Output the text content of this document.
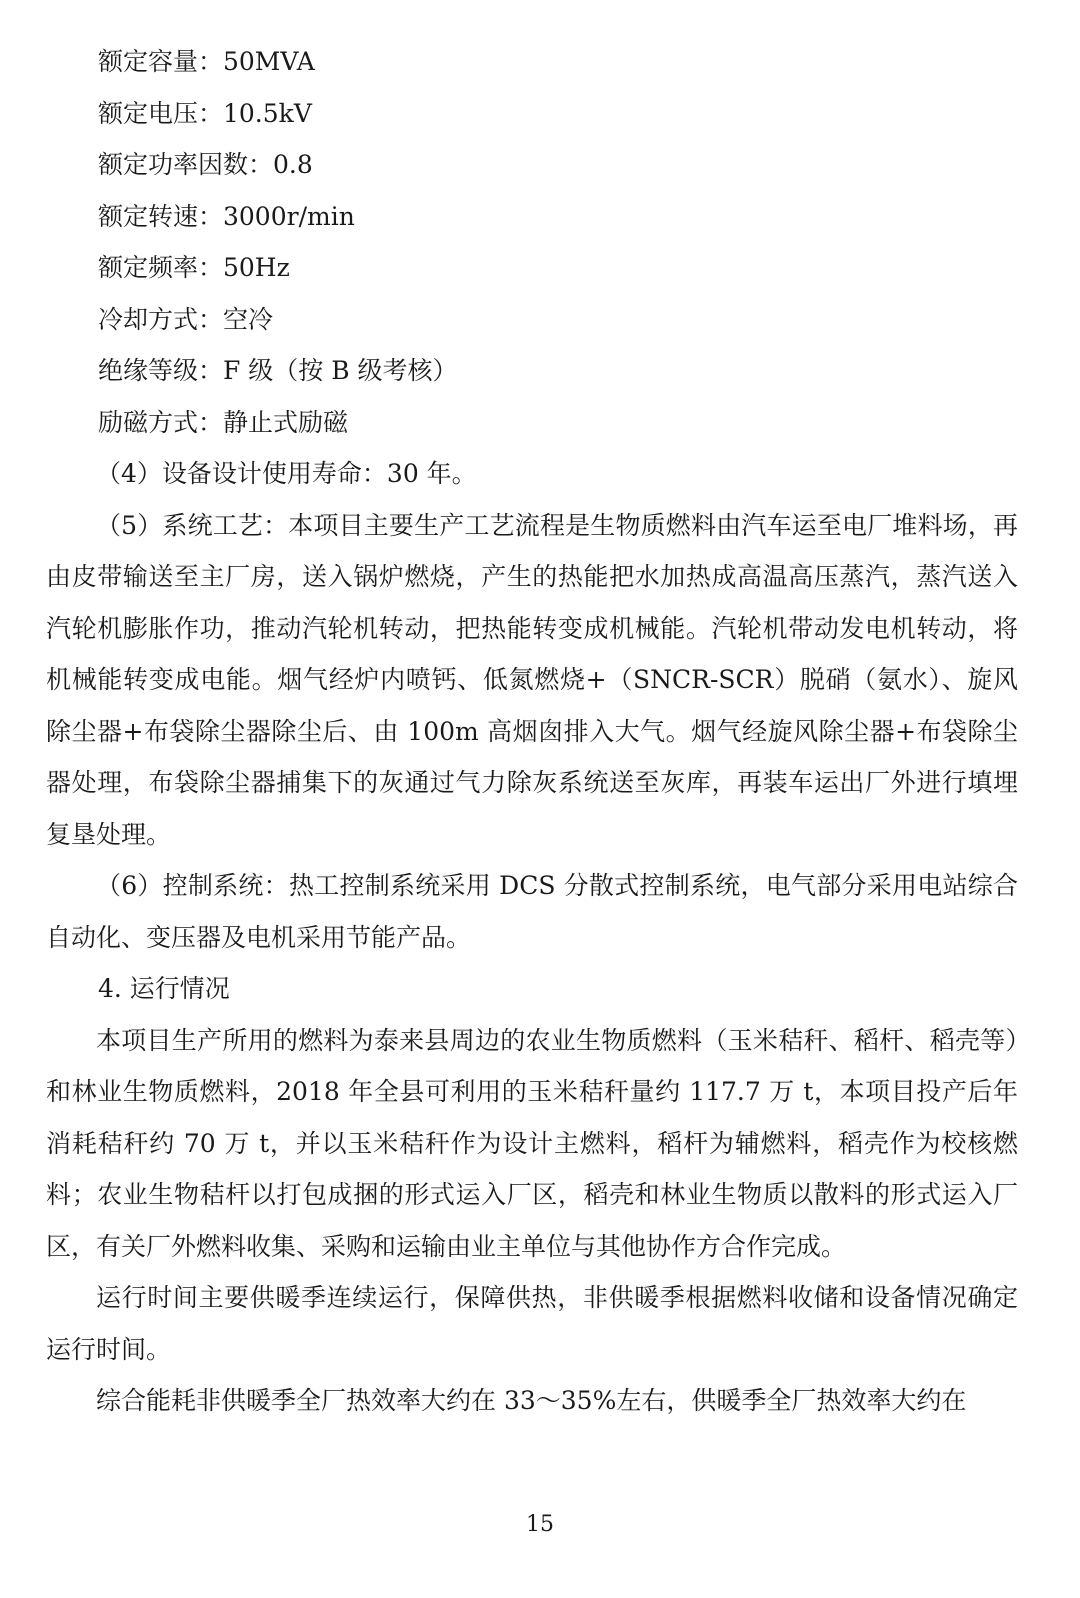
额定容量：50MVA
额定电压：10.5kV
额定功率因数：0.8
额定转速：3000r/min
额定频率：50Hz
冷却方式：空冷
绝缘等级：F 级（按 B 级考核）
励磁方式：静止式励磁

（4）设备设计使用寿命：30 年。

（5）系统工艺：本项目主要生产工艺流程是生物质燃料由汽车运至电厂堆料场，再由皮带输送至主厂房，送入锅炉燃烧，产生的热能把水加热成高温高压蒸汽，蒸汽送入汽轮机膨胀作功，推动汽轮机转动，把热能转变成机械能。汽轮机带动发电机转动，将机械能转变成电能。烟气经炉内喷钙、低氮燃烧+（SNCR-SCR）脱硝（氨水）、旋风除尘器+布袋除尘器除尘后、由 100m 高烟囱排入大气。烟气经旋风除尘器+布袋除尘器处理，布袋除尘器捕集下的灰通过气力除灰系统送至灰库，再装车运出厂外进行填埋复垦处理。

（6）控制系统：热工控制系统采用 DCS 分散式控制系统，电气部分采用电站综合自动化、变压器及电机采用节能产品。

4. 运行情况

本项目生产所用的燃料为泰来县周边的农业生物质燃料（玉米秸秆、稻杆、稻壳等）和林业生物质燃料，2018 年全县可利用的玉米秸秆量约 117.7 万 t，本项目投产后年消耗秸秆约 70 万 t，并以玉米秸秆作为设计主燃料，稻杆为辅燃料，稻壳作为校核燃料；农业生物秸杆以打包成捆的形式运入厂区，稻壳和林业生物质以散料的形式运入厂区，有关厂外燃料收集、采购和运输由业主单位与其他协作方合作完成。

运行时间主要供暖季连续运行，保障供热，非供暖季根据燃料收储和设备情况确定运行时间。

综合能耗非供暖季全厂热效率大约在 33～35%左右，供暖季全厂热效率大约在

15
